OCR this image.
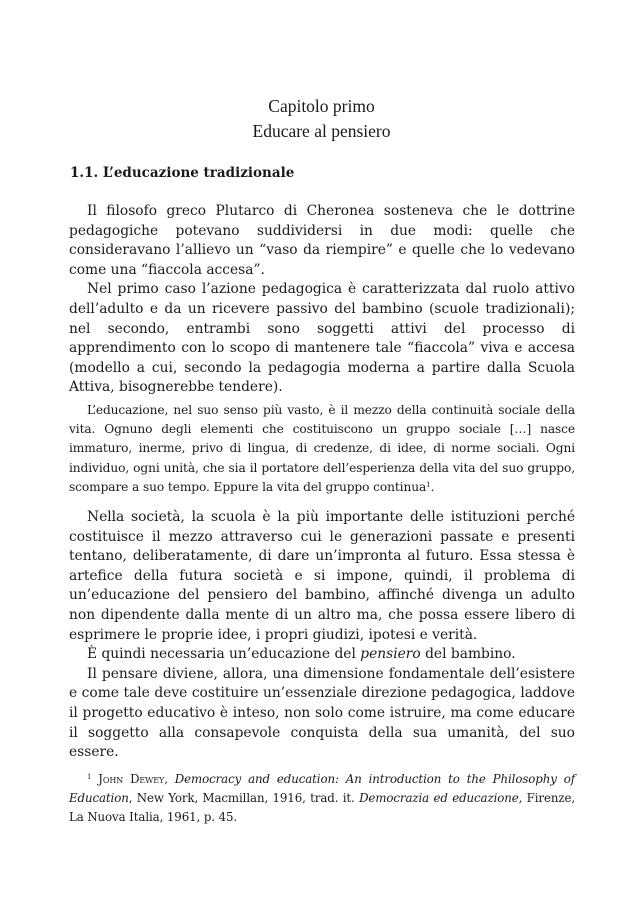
Capitolo primo
Educare al pensiero
1.1. L’educazione tradizionale

Il filosofo greco Plutarco di Cheronea sosteneva che le dottrine pedagogiche potevano suddividersi in due modi: quelle che consideravano l’allievo un “vaso da riempire” e quelle che lo vedevano come una “fiaccola accesa”.

Nel primo caso l’azione pedagogica è caratterizzata dal ruolo attivo dell’adulto e da un ricevere passivo del bambino (scuole tradizionali); nel secondo, entrambi sono soggetti attivi del processo di apprendimento con lo scopo di mantenere tale “fiaccola” viva e accesa (modello a cui, secondo la pedagogia moderna a partire dalla Scuola Attiva, bisognerebbe tendere).

L’educazione, nel suo senso più vasto, è il mezzo della continuità sociale della vita. Ognuno degli elementi che costituiscono un gruppo sociale […] nasce immaturo, inerme, privo di lingua, di credenze, di idee, di norme sociali. Ogni individuo, ogni unità, che sia il portatore dell’esperienza della vita del suo gruppo, scompare a suo tempo. Eppure la vita del gruppo continua$^1$.

Nella società, la scuola è la più importante delle istituzioni perché costituisce il mezzo attraverso cui le generazioni passate e presenti tentano, deliberatamente, di dare un’impronta al futuro. Essa stessa è artefice della futura società e si impone, quindi, il problema di un’educazione del pensiero del bambino, affinché divenga un adulto non dipendente dalla mente di un altro ma, che possa essere libero di esprimere le proprie idee, i propri giudizi, ipotesi e verità.

È quindi necessaria un’educazione del pensiero del bambino.

Il pensare diviene, allora, una dimensione fondamentale dell’esistere e come tale deve costituire un’essenziale direzione pedagogica, laddove il progetto educativo è inteso, non solo come istruire, ma come educare il soggetto alla consapevole conquista della sua umanità, del suo essere.

$^1$ John Dewey, Democracy and education: An introduction to the Philosophy of Education, New York, Macmillan, 1916, trad. it. Democrazia ed educazione, Firenze, La Nuova Italia, 1961, p. 45.
